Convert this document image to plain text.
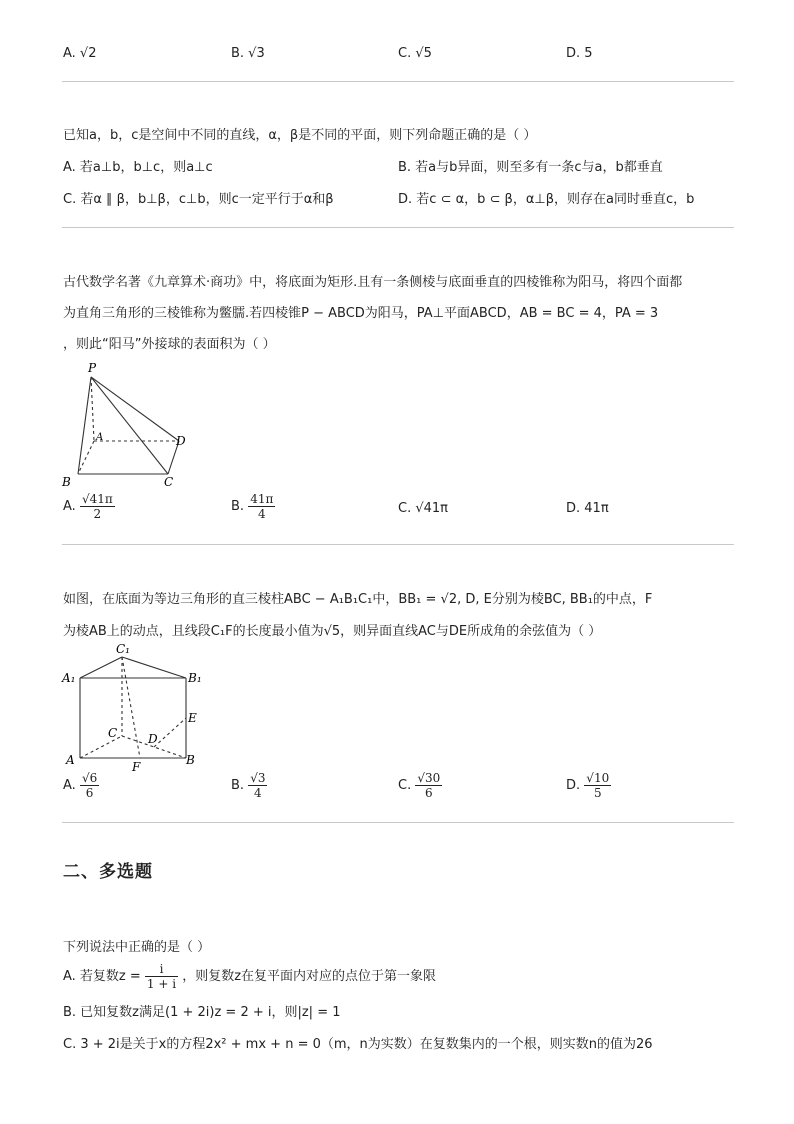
A. √2	B. √3	C. √5	D. 5
已知a，b，c是空间中不同的直线，α，β是不同的平面，则下列命题正确的是（ ）
A. 若a⊥b，b⊥c，则a⊥c	B. 若a与b异面，则至多有一条c与a，b都垂直
C. 若α ∥ β，b⊥β，c⊥b，则c一定平行于α和β	D. 若c ⊂ α，b ⊂ β，α⊥β，则存在a同时垂直c，b
古代数学名著《九章算术·商功》中，将底面为矩形.且有一条侧棱与底面垂直的四棱锥称为阳马，将四个面都
为直角三角形的三棱锥称为鳖臑.若四棱锥P − ABCD为阳马，PA⊥平面ABCD，AB = BC = 4，PA = 3
，则此“阳马”外接球的表面积为（ ）
P
A	D
B	C
A. $\frac{√41\pi}{2}$	B. $\frac{41\pi}{4}$	C. √41π	D. 41π
如图，在底面为等边三角形的直三棱柱ABC − A₁B₁C₁中，BB₁ = √2, D, E分别为棱BC, BB₁的中点，F
为棱AB上的动点，且线段C₁F的长度最小值为√5，则异面直线AC与DE所成角的余弦值为（ ）
C₁
A₁	B₁
E
C	D
A	F	B
A. $\frac{√6}{6}$	B. $\frac{√3}{4}$	C. $\frac{√30}{6}$	D. $\frac{√10}{5}$
二、多选题
下列说法中正确的是（ ）
A. 若复数$z = \frac{i}{1 + i}$ ，则复数z在复平面内对应的点位于第一象限
B. 已知复数z满足(1 + 2i)z = 2 + i，则|z| = 1
C. 3 + 2i是关于x的方程2x² + mx + n = 0（m，n为实数）在复数集内的一个根，则实数n的值为26
